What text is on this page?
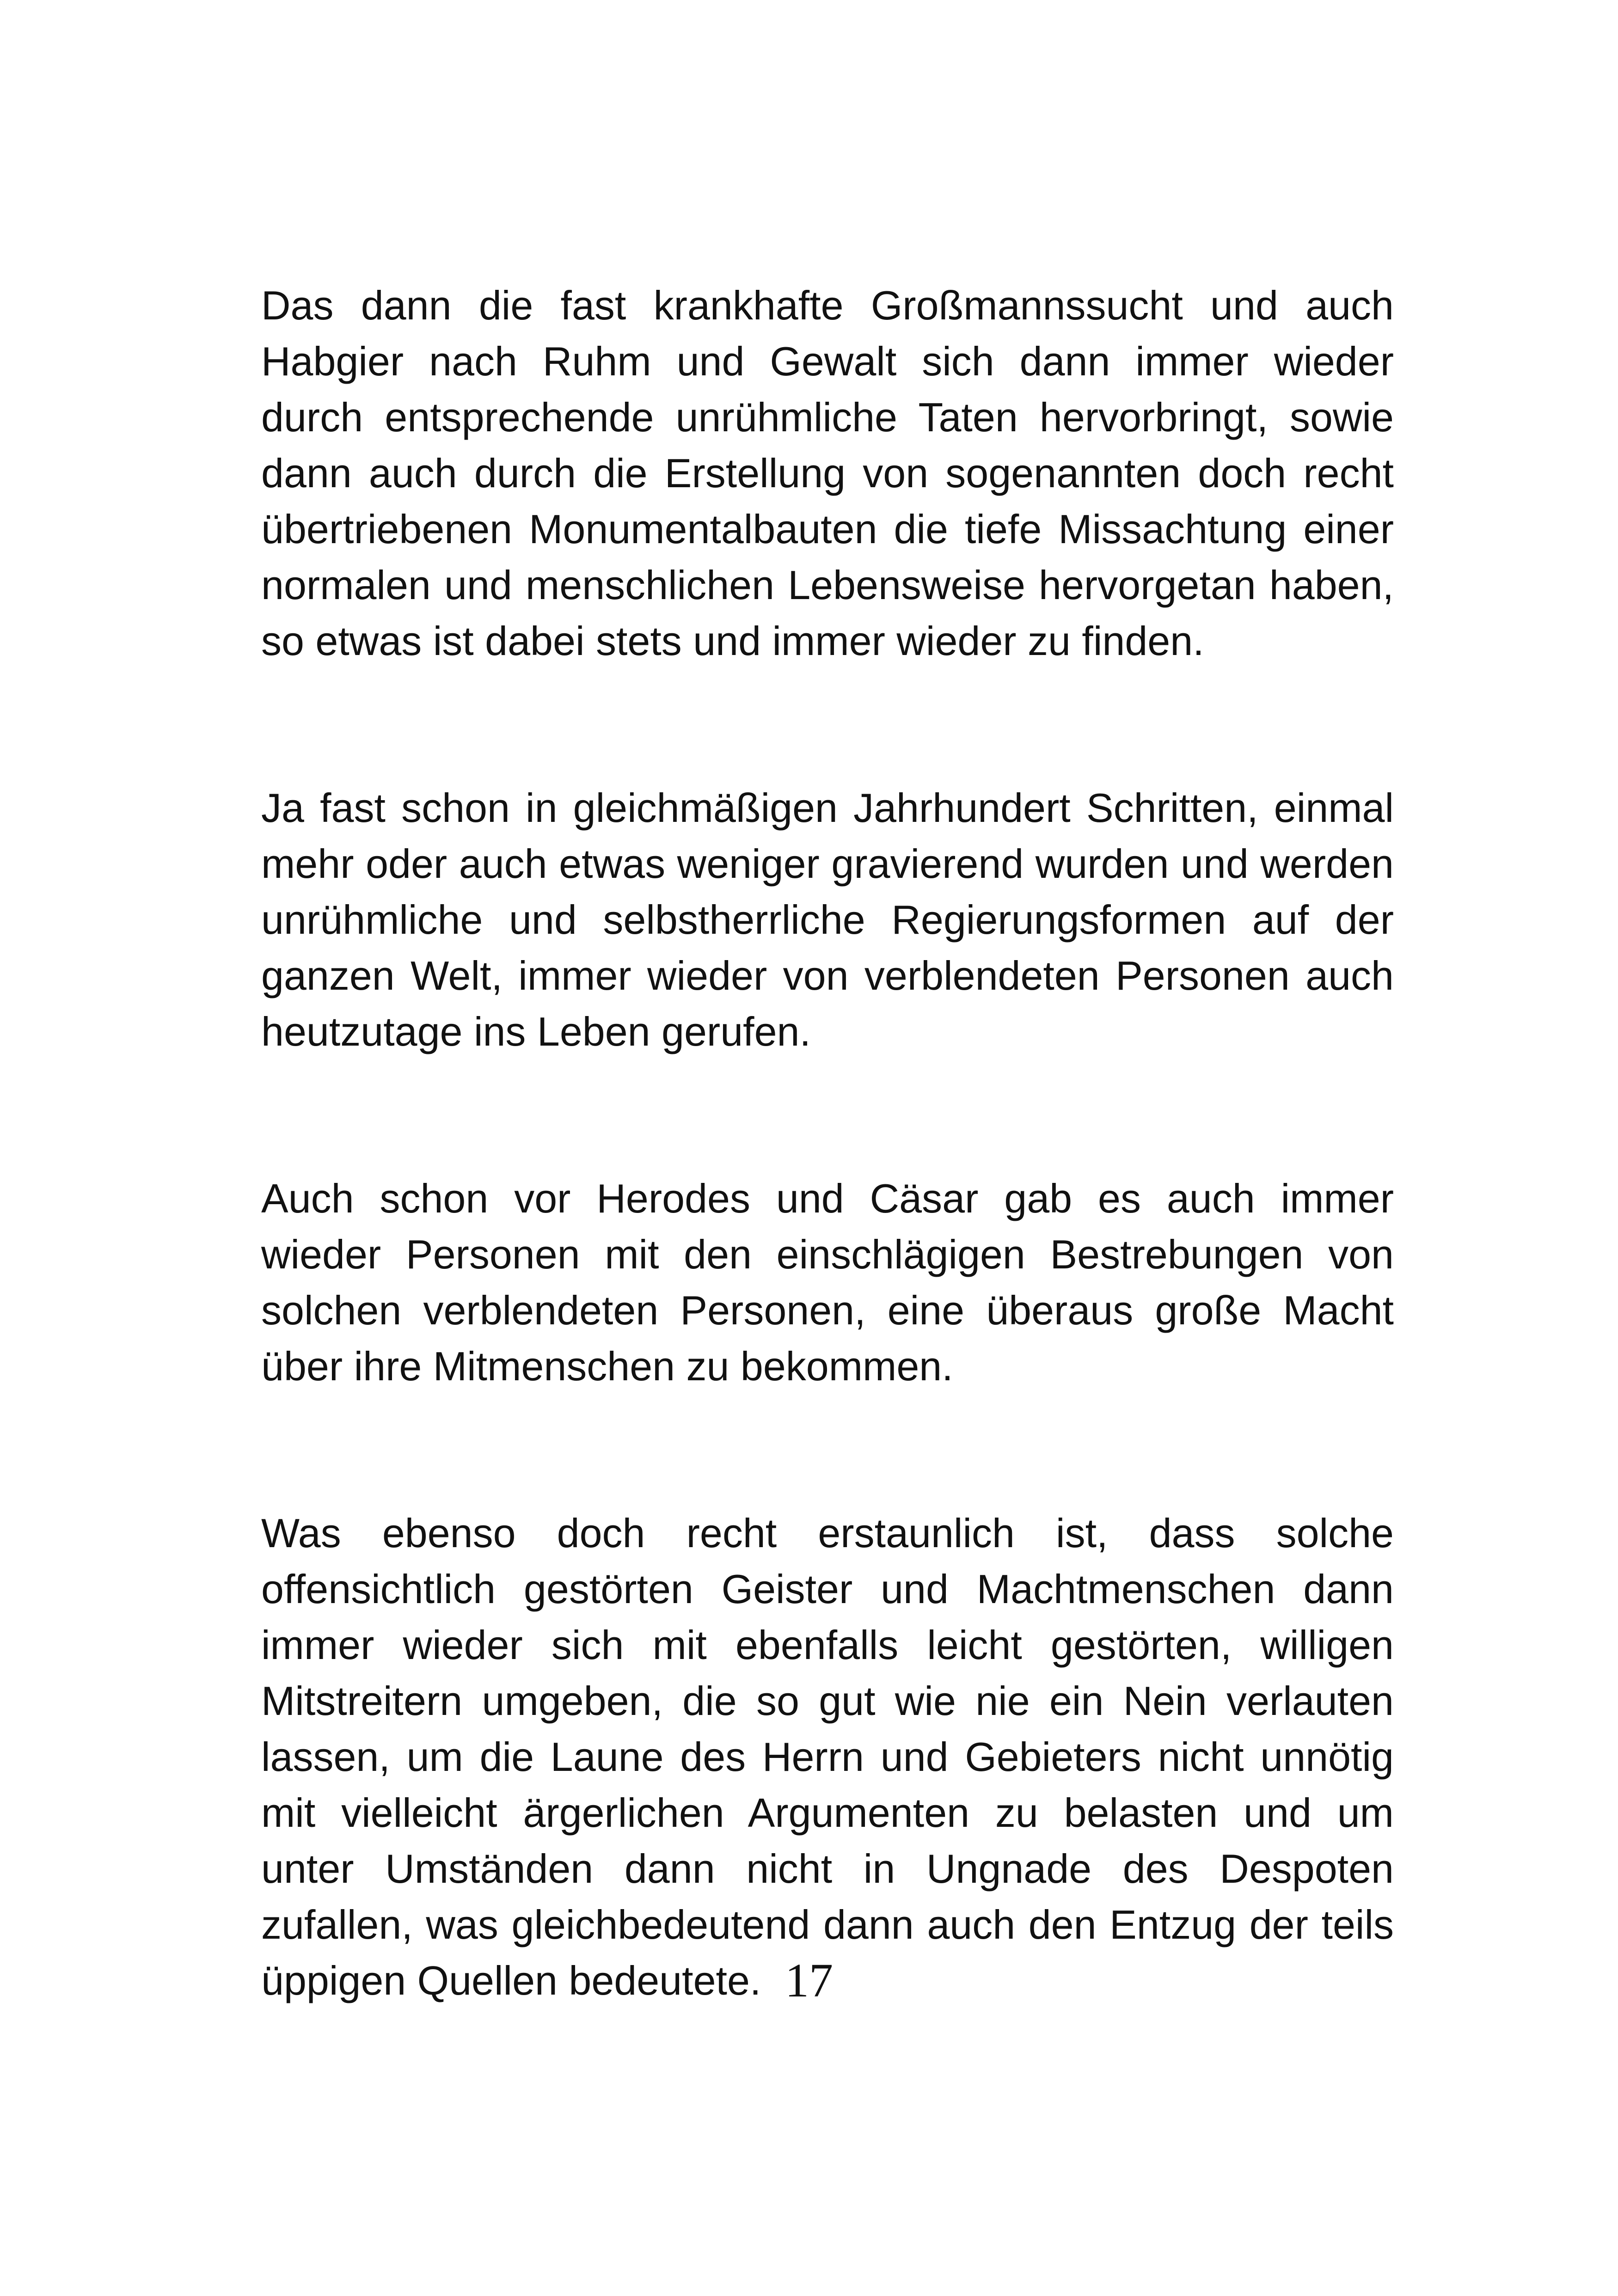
Das dann die fast krankhafte Großmannssucht und auch Habgier nach Ruhm und Gewalt sich dann immer wieder durch entsprechende unrühmliche Taten hervorbringt, sowie dann auch durch die Erstellung von sogenannten doch recht übertriebenen Monumentalbauten die tiefe Missachtung einer normalen und menschlichen Lebensweise hervorgetan haben, so etwas ist dabei stets und immer wieder zu finden.

Ja fast schon in gleichmäßigen Jahrhundert Schritten, einmal mehr oder auch etwas weniger gravierend wurden und werden unrühmliche und selbstherrliche Regierungsformen auf der ganzen Welt, immer wieder von verblendeten Personen auch heutzutage ins Leben gerufen.

Auch schon vor Herodes und Cäsar gab es auch immer wieder Personen mit den einschlägigen Bestrebungen von solchen verblendeten Personen, eine überaus große Macht über ihre Mitmenschen zu bekommen.

Was ebenso doch recht erstaunlich ist, dass solche offensichtlich gestörten Geister und Machtmenschen dann immer wieder sich mit ebenfalls leicht gestörten, willigen Mitstreitern umgeben, die so gut wie nie ein Nein verlauten lassen, um die Laune des Herrn und Gebieters nicht unnötig mit vielleicht ärgerlichen Argumenten zu belasten und um unter Umständen dann nicht in Ungnade des Despoten zufallen, was gleichbedeutend dann auch den Entzug der teils üppigen Quellen bedeutete. 17
